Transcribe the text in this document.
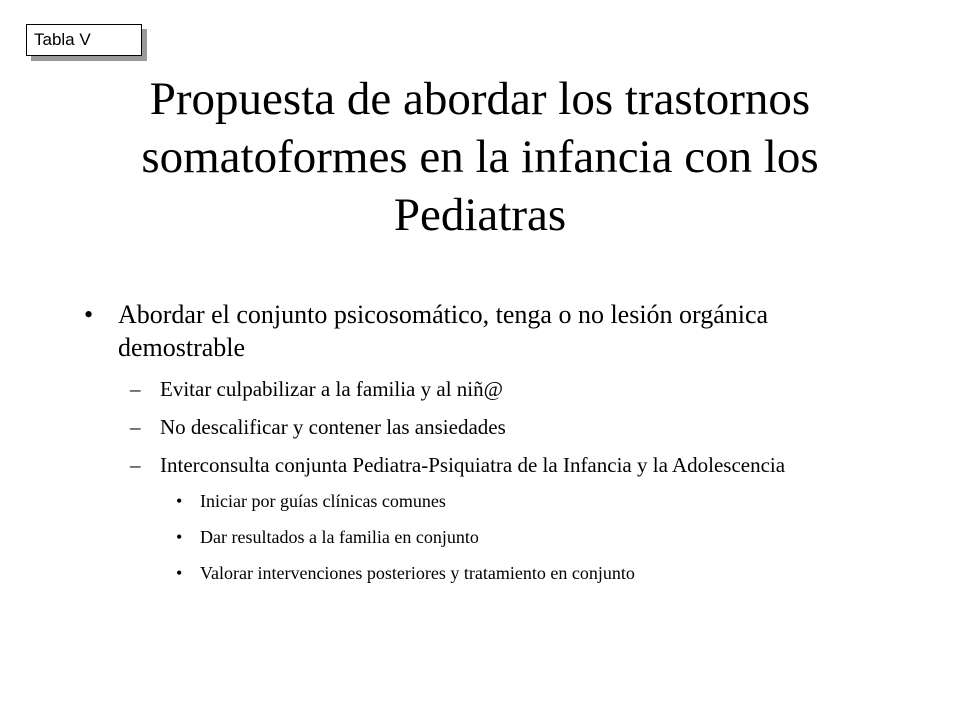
Tabla V
Propuesta de abordar los trastornos somatoformes en la infancia con los Pediatras
• Abordar el conjunto psicosomático, tenga o no lesión orgánica demostrable
– Evitar culpabilizar a la familia y al niñ@
– No descalificar y contener las ansiedades
– Interconsulta conjunta Pediatra-Psiquiatra de la Infancia y la Adolescencia
• Iniciar por guías clínicas comunes
• Dar resultados a la familia en conjunto
• Valorar intervenciones posteriores y tratamiento en conjunto
